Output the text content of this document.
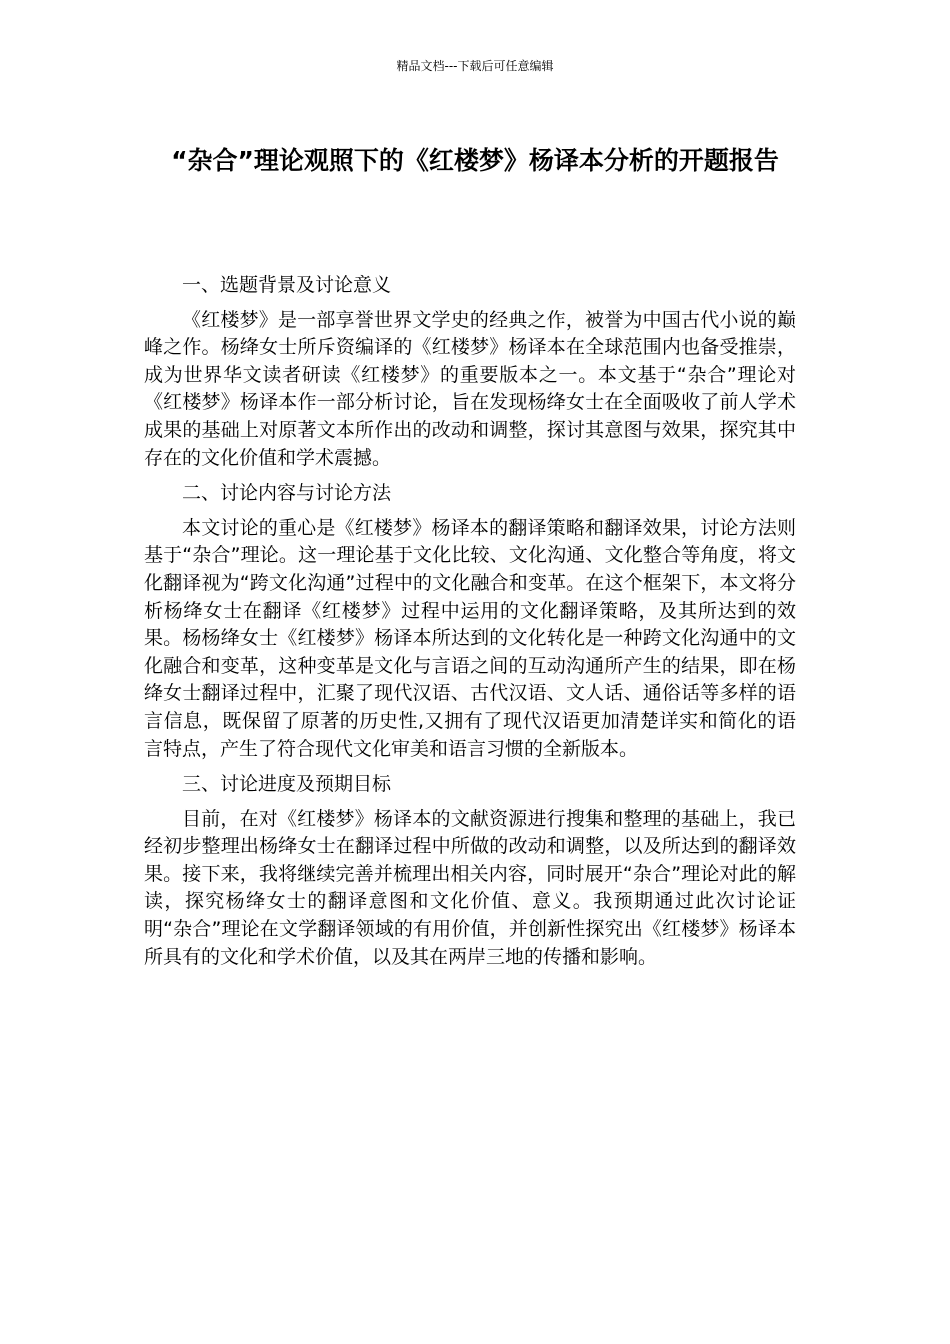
精品文档---下载后可任意编辑
“杂合”理论观照下的《红楼梦》杨译本分析的开题报告
一、选题背景及讨论意义

《红楼梦》是一部享誉世界文学史的经典之作，被誉为中国古代小说的巅峰之作。杨绛女士所斥资编译的《红楼梦》杨译本在全球范围内也备受推崇，成为世界华文读者研读《红楼梦》的重要版本之一。本文基于“杂合”理论对《红楼梦》杨译本作一部分析讨论，旨在发现杨绛女士在全面吸收了前人学术成果的基础上对原著文本所作出的改动和调整，探讨其意图与效果，探究其中存在的文化价值和学术震撼。

二、讨论内容与讨论方法

本文讨论的重心是《红楼梦》杨译本的翻译策略和翻译效果，讨论方法则基于“杂合”理论。这一理论基于文化比较、文化沟通、文化整合等角度，将文化翻译视为“跨文化沟通”过程中的文化融合和变革。在这个框架下，本文将分析杨绛女士在翻译《红楼梦》过程中运用的文化翻译策略，及其所达到的效果。杨杨绛女士《红楼梦》杨译本所达到的文化转化是一种跨文化沟通中的文化融合和变革，这种变革是文化与言语之间的互动沟通所产生的结果，即在杨绛女士翻译过程中，汇聚了现代汉语、古代汉语、文人话、通俗话等多样的语言信息，既保留了原著的历史性,又拥有了现代汉语更加清楚详实和简化的语言特点，产生了符合现代文化审美和语言习惯的全新版本。

三、讨论进度及预期目标

目前，在对《红楼梦》杨译本的文献资源进行搜集和整理的基础上，我已经初步整理出杨绛女士在翻译过程中所做的改动和调整，以及所达到的翻译效果。接下来，我将继续完善并梳理出相关内容，同时展开“杂合”理论对此的解读，探究杨绛女士的翻译意图和文化价值、意义。我预期通过此次讨论证明“杂合”理论在文学翻译领域的有用价值，并创新性探究出《红楼梦》杨译本所具有的文化和学术价值，以及其在两岸三地的传播和影响。
